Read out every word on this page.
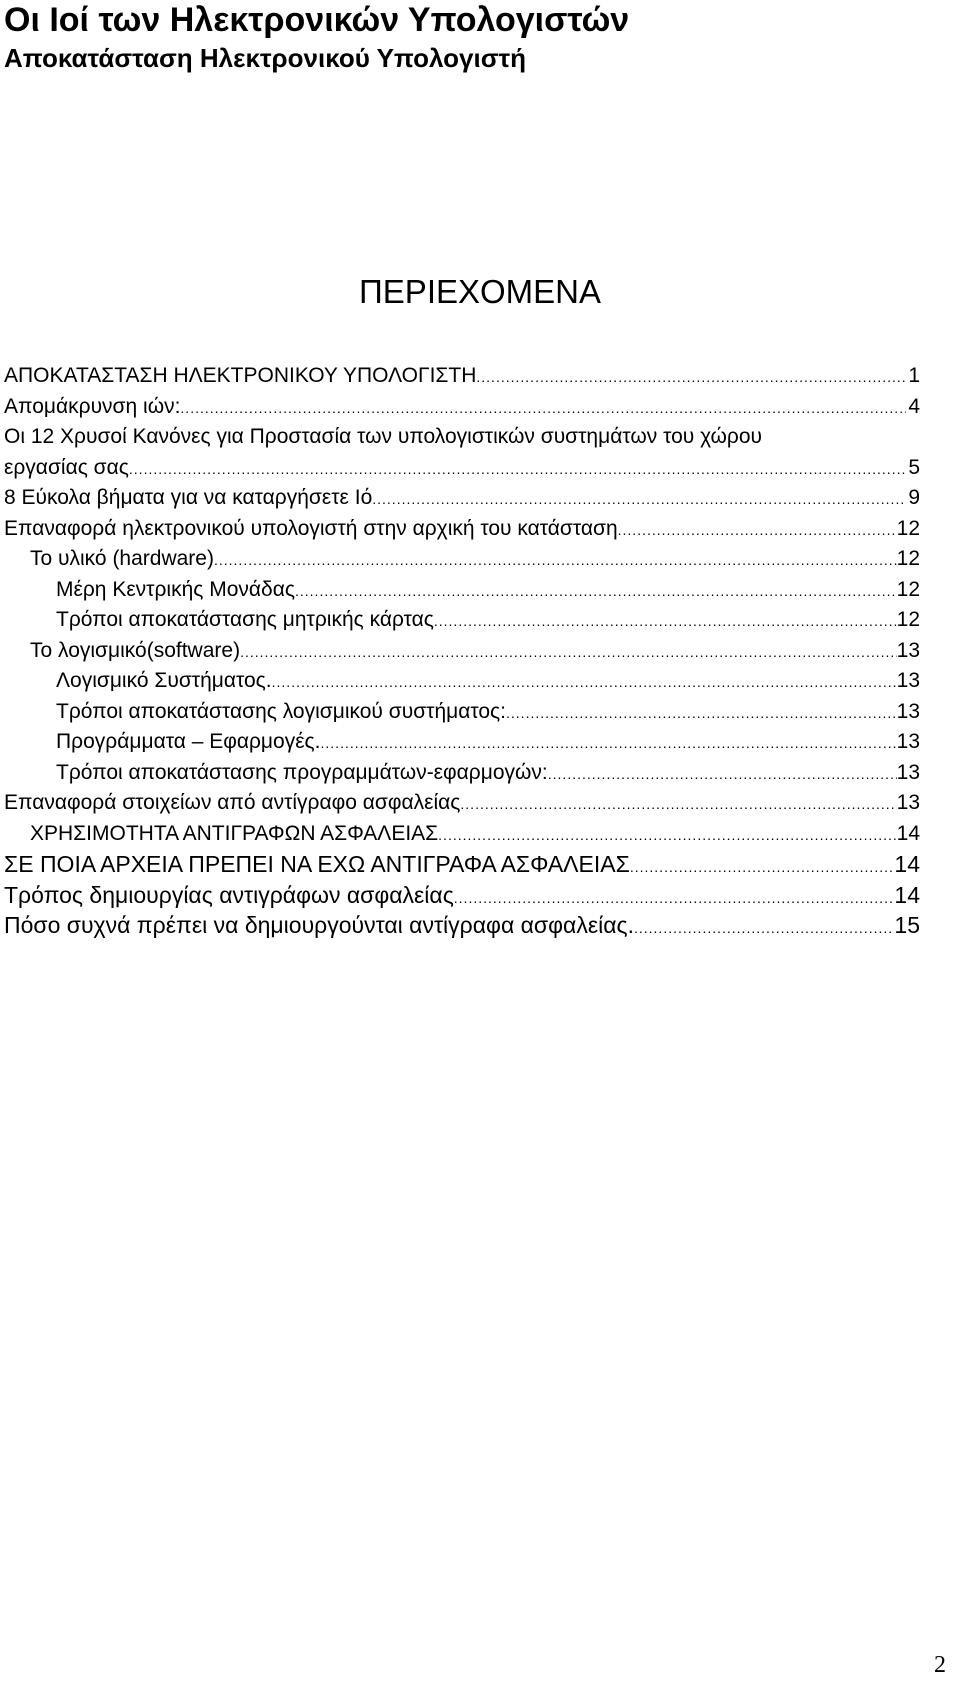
Οι Ιοί των Ηλεκτρονικών Υπολογιστών
Αποκατάσταση Ηλεκτρονικού Υπολογιστή
ΠΕΡΙΕΧΟΜΕΝΑ
ΑΠΟΚΑΤΑΣΤΑΣΗ ΗΛΕΚΤΡΟΝΙΚΟΥ ΥΠΟΛΟΓΙΣΤΗ .....	1
Απομάκρυνση ιών: .....	4
Οι 12 Χρυσοί Κανόνες για Προστασία των υπολογιστικών συστημάτων του χώρου
εργασίας σας .....	5
8 Εύκολα βήματα για να καταργήσετε Ιό .....	9
Επαναφορά ηλεκτρονικού υπολογιστή στην αρχική του κατάσταση .....	12
Το υλικό (hardware) .....	12
Μέρη Κεντρικής Μονάδας .....	12
Τρόποι αποκατάστασης μητρικής κάρτας .....	12
Το λογισμικό(software) .....	13
Λογισμικό Συστήματος. .....	13
Τρόποι αποκατάστασης λογισμικού συστήματος: .....	13
Προγράμματα – Εφαρμογές. .....	13
Τρόποι αποκατάστασης προγραμμάτων-εφαρμογών: .....	13
Επαναφορά στοιχείων από αντίγραφο ασφαλείας .....	13
ΧΡΗΣΙΜΟΤΗΤΑ ΑΝΤΙΓΡΑΦΩΝ ΑΣΦΑΛΕΙΑΣ .....	14
ΣΕ ΠΟΙΑ ΑΡΧΕΙΑ ΠΡΕΠΕΙ ΝΑ ΕΧΩ ΑΝΤΙΓΡΑΦΑ ΑΣΦΑΛΕΙΑΣ .....	14
Τρόπος δημιουργίας αντιγράφων ασφαλείας .....	14
Πόσο συχνά πρέπει να δημιουργούνται αντίγραφα ασφαλείας. .....	15
2
